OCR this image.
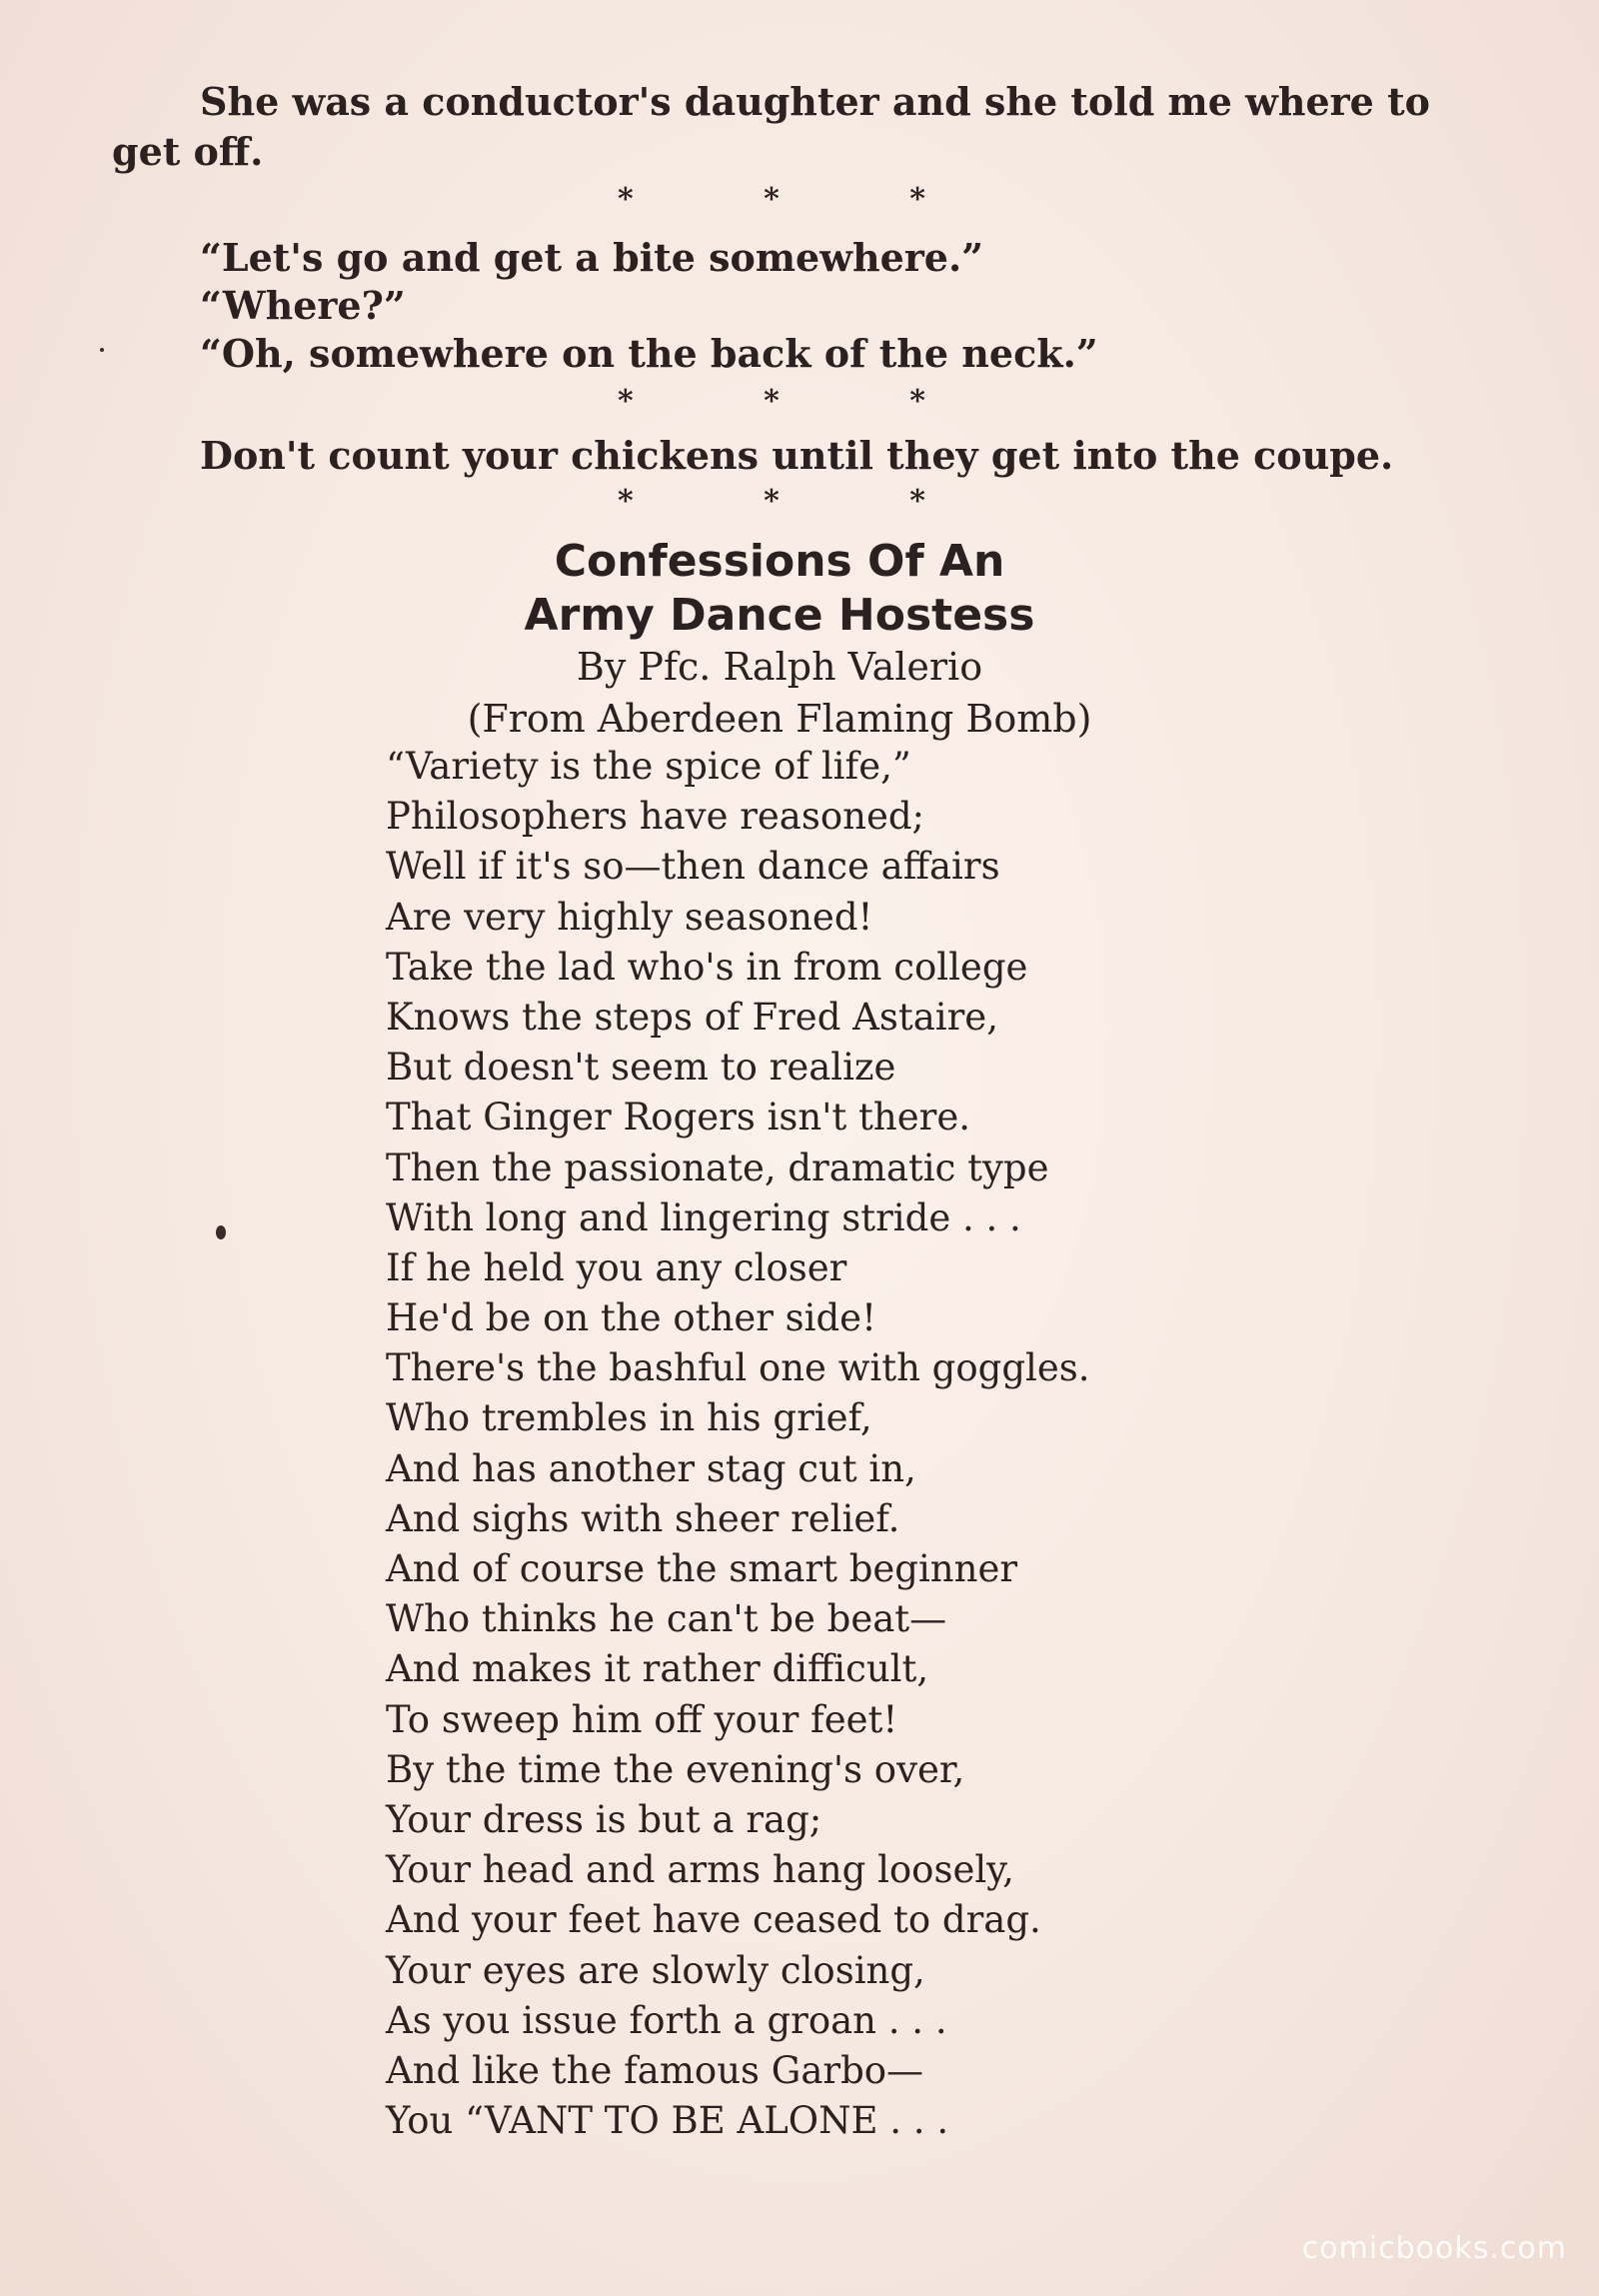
She was a conductor's daughter and she told me where to
get off.
* * *
“Let's go and get a bite somewhere.”
“Where?”
“Oh, somewhere on the back of the neck.”
* * *
Don't count your chickens until they get into the coupe.
* * *
Confessions Of An
Army Dance Hostess
By Pfc. Ralph Valerio
(From Aberdeen Flaming Bomb)
“Variety is the spice of life,”
Philosophers have reasoned;
Well if it's so—then dance affairs
Are very highly seasoned!
Take the lad who's in from college
Knows the steps of Fred Astaire,
But doesn't seem to realize
That Ginger Rogers isn't there.
Then the passionate, dramatic type
With long and lingering stride . . .
If he held you any closer
He'd be on the other side!
There's the bashful one with goggles.
Who trembles in his grief,
And has another stag cut in,
And sighs with sheer relief.
And of course the smart beginner
Who thinks he can't be beat—
And makes it rather difficult,
To sweep him off your feet!
By the time the evening's over,
Your dress is but a rag;
Your head and arms hang loosely,
And your feet have ceased to drag.
Your eyes are slowly closing,
As you issue forth a groan . . .
And like the famous Garbo—
You “VANT TO BE ALONE . . .
comicbooks.com
